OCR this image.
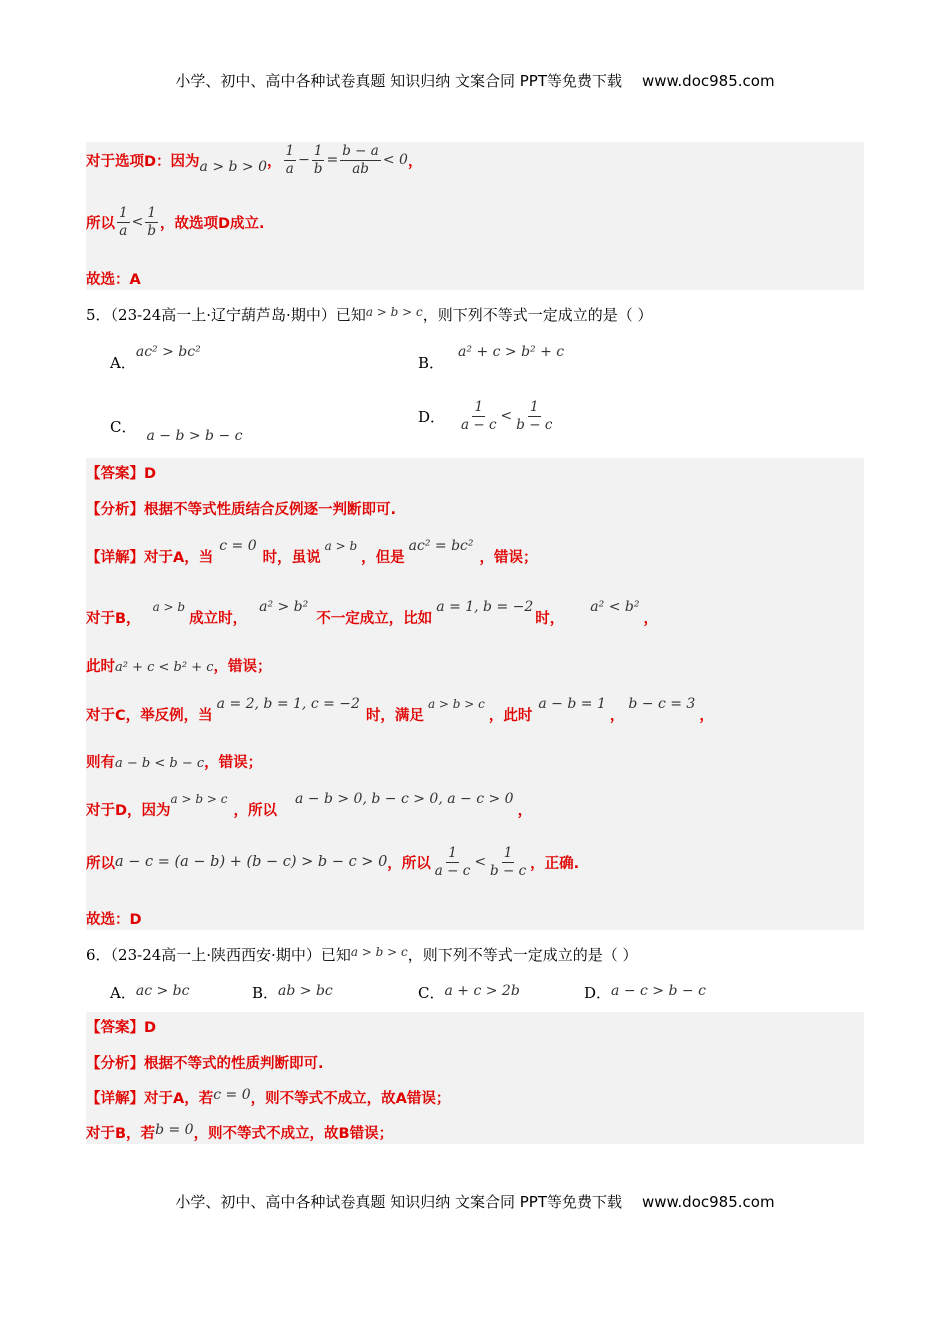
小学、初中、高中各种试卷真题 知识归纳 文案合同 PPT等免费下载 www.doc985.com
对于选项D：因为 a > b > 0 ， $\frac{1}{a} - \frac{1}{b} = \frac{b - a}{ab} < 0$ ，
所以 $\frac{1}{a} < \frac{1}{b}$ ，故选项D成立.
故选：A
5．（23-24高一上·辽宁葫芦岛·期中）已知a > b > c，则下列不等式一定成立的是（ ）
A．ac² > bc²
B．a² + c > b² + c
C． a − b > b − c
D． $\frac{1}{a - c} < \frac{1}{b - c}$
【答案】D
【分析】根据不等式性质结合反例逐一判断即可.
【详解】对于A，当c = 0时，虽说a > b，但是ac² = bc²，错误；
对于B，a > b成立时，a² > b²不一定成立，比如a = 1, b = −2时，a² < b²，
此时a² + c < b² + c，错误；
对于C，举反例，当a = 2, b = 1, c = −2时，满足a > b > c，此时a − b = 1，b − c = 3，
则有a − b < b − c，错误；
对于D，因为a > b > c，所以a − b > 0, b − c > 0, a − c > 0，
所以 a − c = (a − b) + (b − c) > b − c > 0 ，所以 $\frac{1}{a - c} < \frac{1}{b - c}$ ，正确.
故选：D
6．（23-24高一上·陕西西安·期中）已知a > b > c，则下列不等式一定成立的是（ ）
A．ac > bc	B．ab > bc	C．a + c > 2b	D．a − c > b − c
【答案】D
【分析】根据不等式的性质判断即可.
【详解】对于A，若c = 0，则不等式不成立，故A错误；
对于B，若b = 0，则不等式不成立，故B错误；
小学、初中、高中各种试卷真题 知识归纳 文案合同 PPT等免费下载 www.doc985.com
